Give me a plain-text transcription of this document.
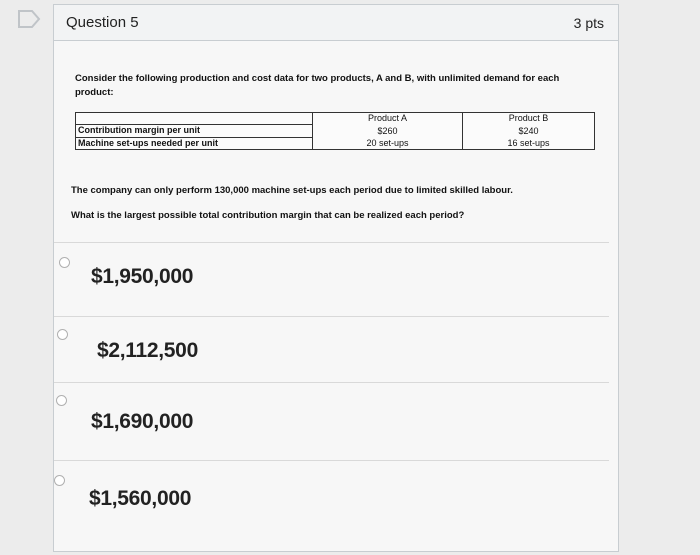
Question 5	3 pts
Consider the following production and cost data for two products, A and B, with unlimited demand for each product:
	Product A	Product B
Contribution margin per unit	$260	$240
Machine set-ups needed per unit	20 set-ups	16 set-ups
The company can only perform 130,000 machine set-ups each period due to limited skilled labour.
What is the largest possible total contribution margin that can be realized each period?
$1,950,000
$2,112,500
$1,690,000
$1,560,000
